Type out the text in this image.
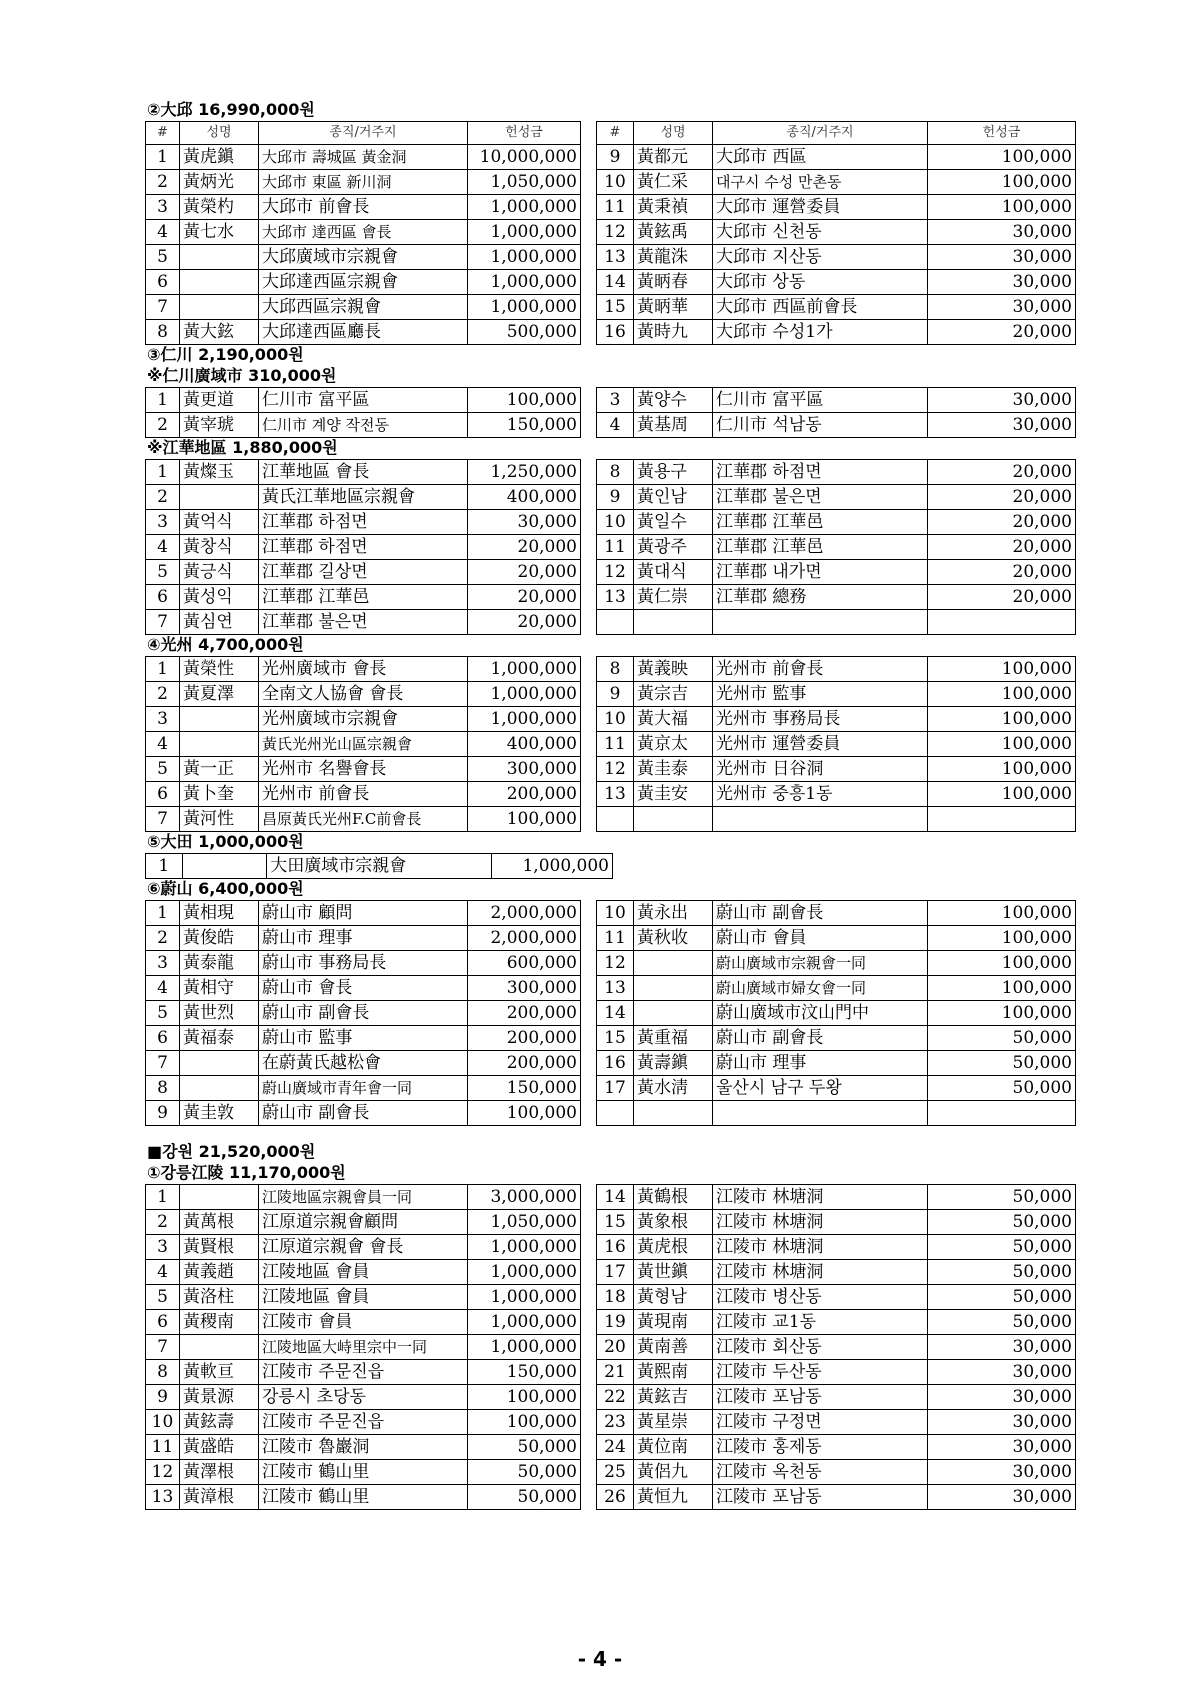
②大邱 16,990,000원
#	성명	종직/거주지	헌성금		#	성명	종직/거주지	헌성금
1	黃虎鎭	大邱市 壽城區 黃金洞	10,000,000		9	黃都元	大邱市 西區	100,000
2	黃炳光	大邱市 東區 新川洞	1,050,000		10	黃仁采	대구시 수성 만촌동	100,000
3	黃榮杓	大邱市 前會長	1,000,000		11	黃秉禎	大邱市 運營委員	100,000
4	黃七水	大邱市 達西區 會長	1,000,000		12	黃鉉禹	大邱市 신천동	30,000
5		大邱廣域市宗親會	1,000,000		13	黃龍洙	大邱市 지산동	30,000
6		大邱達西區宗親會	1,000,000		14	黃昞春	大邱市 상동	30,000
7		大邱西區宗親會	1,000,000		15	黃昞華	大邱市 西區前會長	30,000
8	黃大鉉	大邱達西區廳長	500,000		16	黃時九	大邱市 수성1가	20,000
③仁川 2,190,000원
※仁川廣域市 310,000원
1	黃更道	仁川市 富平區	100,000		3	黃양수	仁川市 富平區	30,000
2	黃宰琥	仁川市 계양 작전동	150,000		4	黃基周	仁川市 석남동	30,000
※江華地區 1,880,000원
1	黃燦玉	江華地區 會長	1,250,000		8	黃용구	江華郡 하점면	20,000
2		黃氏江華地區宗親會	400,000		9	黃인남	江華郡 불은면	20,000
3	黃억식	江華郡 하점면	30,000		10	黃일수	江華郡 江華邑	20,000
4	黃창식	江華郡 하점면	20,000		11	黃광주	江華郡 江華邑	20,000
5	黃긍식	江華郡 길상면	20,000		12	黃대식	江華郡 내가면	20,000
6	黃성익	江華郡 江華邑	20,000		13	黃仁崇	江華郡 總務	20,000
7	黃심연	江華郡 불은면	20,000					
④光州 4,700,000원
1	黃榮性	光州廣域市 會長	1,000,000		8	黃義映	光州市 前會長	100,000
2	黃夏澤	全南文人協會 會長	1,000,000		9	黃宗吉	光州市 監事	100,000
3		光州廣域市宗親會	1,000,000		10	黃大福	光州市 事務局長	100,000
4		黃氏光州光山區宗親會	400,000		11	黃京太	光州市 運營委員	100,000
5	黃一正	光州市 名譽會長	300,000		12	黃圭泰	光州市 日谷洞	100,000
6	黃卜奎	光州市 前會長	200,000		13	黃圭安	光州市 중흥1동	100,000
7	黃河性	昌原黃氏光州F.C前會長	100,000					
⑤大田 1,000,000원
1		大田廣域市宗親會	1,000,000
⑥蔚山 6,400,000원
1	黃相現	蔚山市 顧問	2,000,000		10	黃永出	蔚山市 副會長	100,000
2	黃俊皓	蔚山市 理事	2,000,000		11	黃秋收	蔚山市 會員	100,000
3	黃泰龍	蔚山市 事務局長	600,000		12		蔚山廣域市宗親會一同	100,000
4	黃相守	蔚山市 會長	300,000		13		蔚山廣域市婦女會一同	100,000
5	黃世烈	蔚山市 副會長	200,000		14		蔚山廣域市汶山門中	100,000
6	黃福泰	蔚山市 監事	200,000		15	黃重福	蔚山市 副會長	50,000
7		在蔚黃氏越松會	200,000		16	黃壽鎭	蔚山市 理事	50,000
8		蔚山廣域市青年會一同	150,000		17	黃水淸	울산시 남구 두왕	50,000
9	黃圭敦	蔚山市 副會長	100,000					
■강원 21,520,000원
①강릉江陵 11,170,000원
1		江陵地區宗親會員一同	3,000,000		14	黃鶴根	江陵市 林塘洞	50,000
2	黃萬根	江原道宗親會顧問	1,050,000		15	黃象根	江陵市 林塘洞	50,000
3	黃賢根	江原道宗親會 會長	1,000,000		16	黃虎根	江陵市 林塘洞	50,000
4	黃義趙	江陵地區 會員	1,000,000		17	黃世鎭	江陵市 林塘洞	50,000
5	黃洛柱	江陵地區 會員	1,000,000		18	黃형남	江陵市 병산동	50,000
6	黃稷南	江陵市 會員	1,000,000		19	黃現南	江陵市 교1동	50,000
7		江陵地區大峙里宗中一同	1,000,000		20	黃南善	江陵市 회산동	30,000
8	黃軟亘	江陵市 주문진읍	150,000		21	黃熙南	江陵市 두산동	30,000
9	黃景源	강릉시 초당동	100,000		22	黃鉉吉	江陵市 포남동	30,000
10	黃鉉壽	江陵市 주문진읍	100,000		23	黃星崇	江陵市 구정면	30,000
11	黃盛皓	江陵市 魯巖洞	50,000		24	黃位南	江陵市 홍제동	30,000
12	黃澤根	江陵市 鶴山里	50,000		25	黃侶九	江陵市 옥천동	30,000
13	黃漳根	江陵市 鶴山里	50,000		26	黃恒九	江陵市 포남동	30,000
- 4 -
